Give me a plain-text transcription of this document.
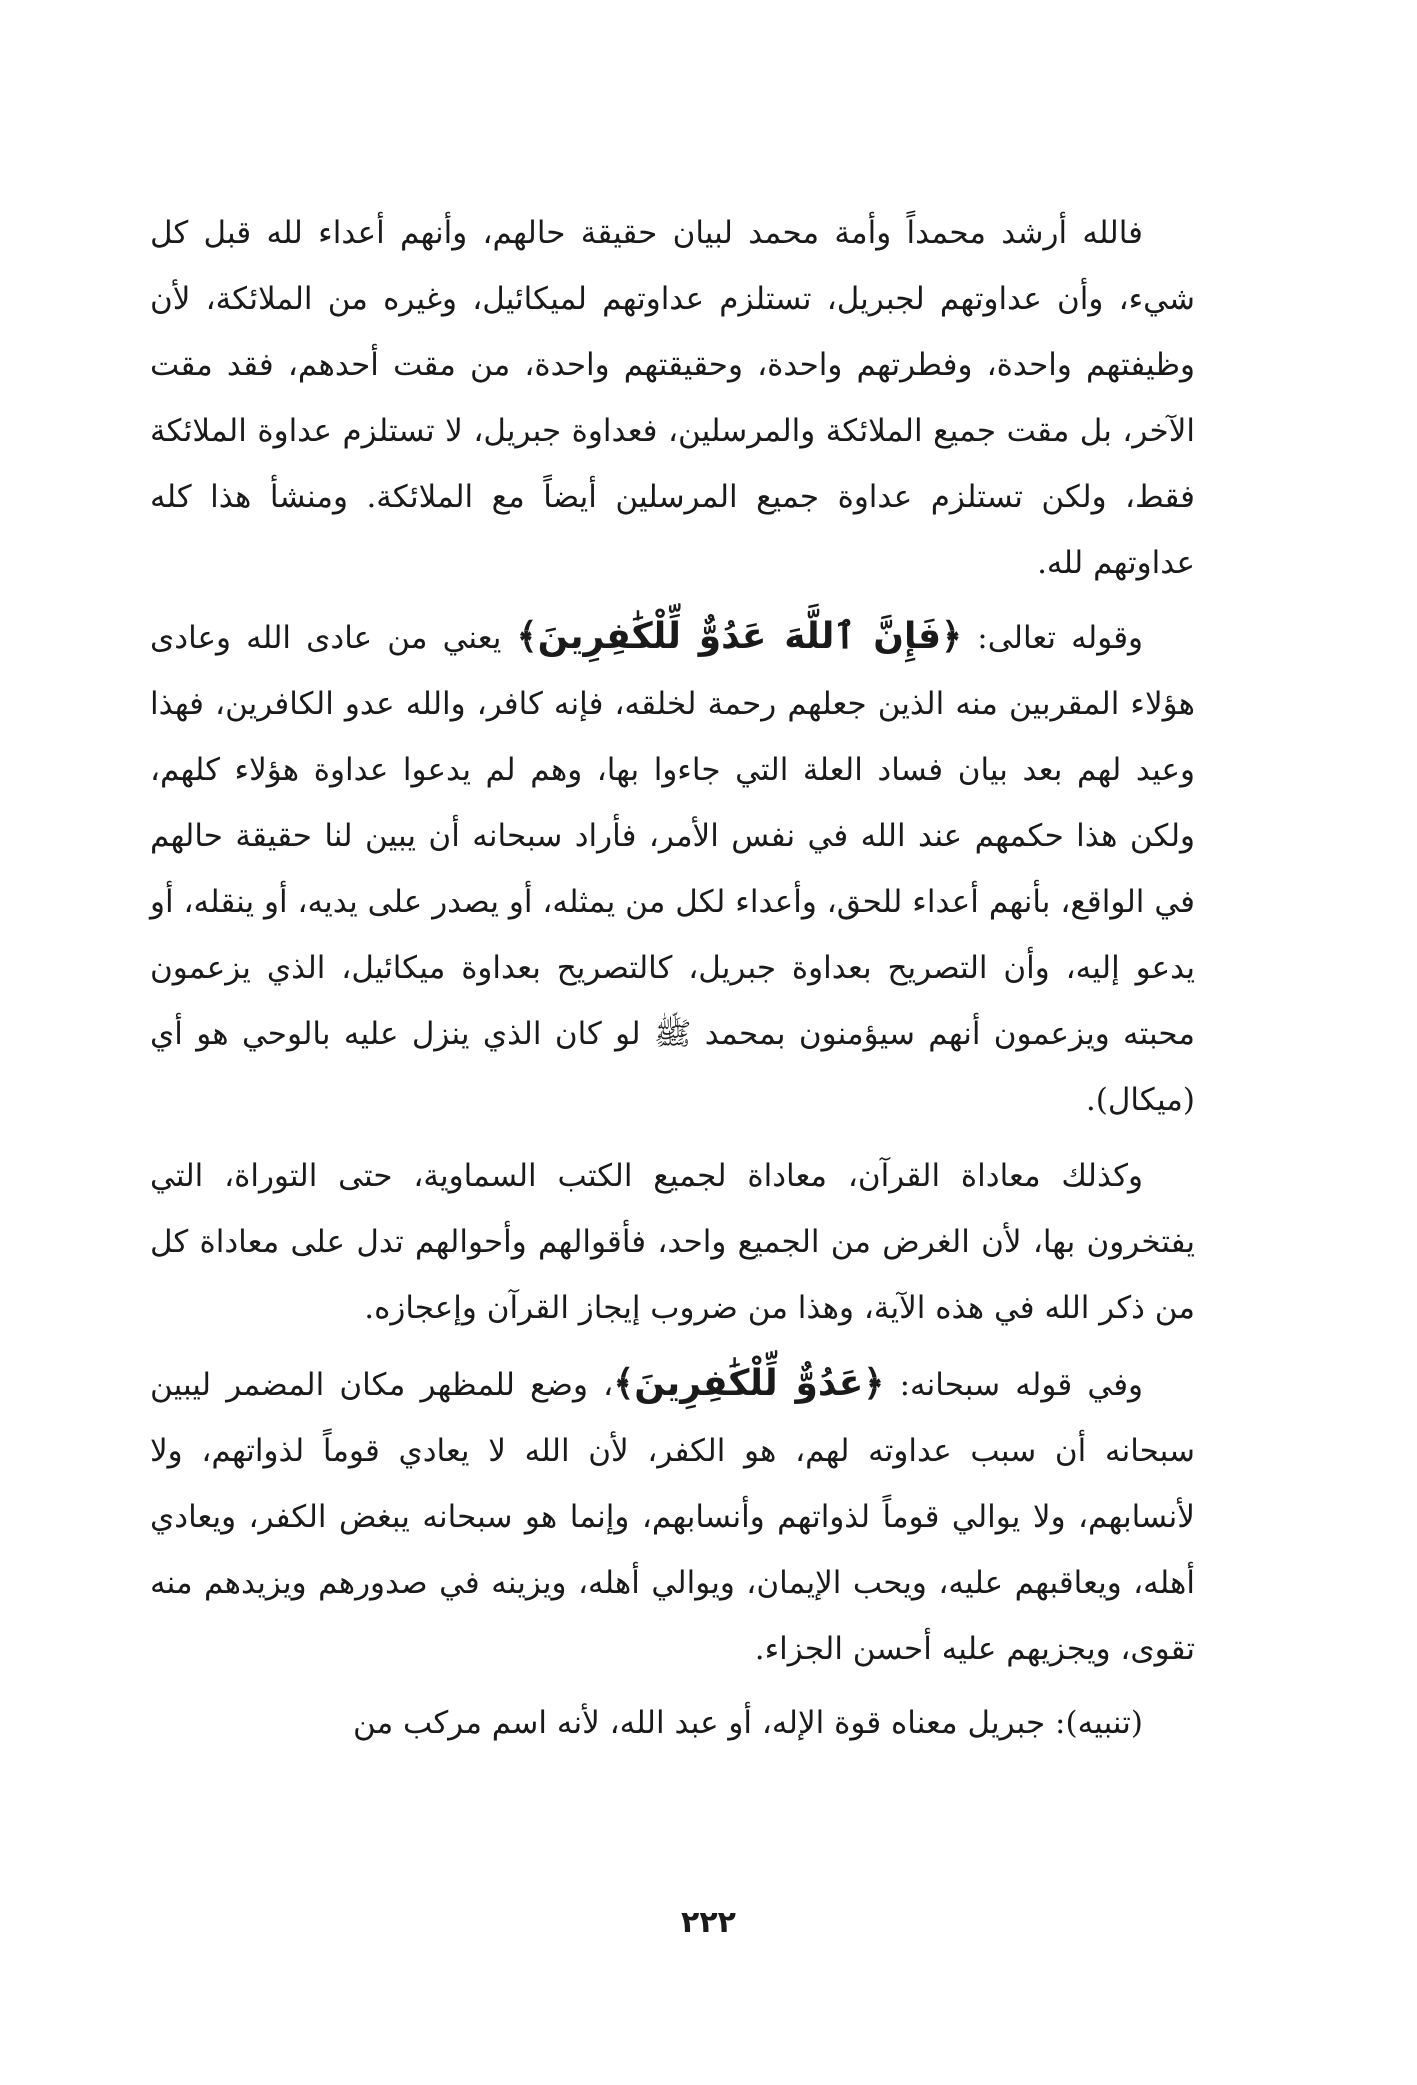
فالله أرشد محمداً وأمة محمد لبيان حقيقة حالهم، وأنهم أعداء لله قبل كل شيء، وأن عداوتهم لجبريل، تستلزم عداوتهم لميكائيل، وغيره من الملائكة، لأن وظيفتهم واحدة، وفطرتهم واحدة، وحقيقتهم واحدة، من مقت أحدهم، فقد مقت الآخر، بل مقت جميع الملائكة والمرسلين، فعداوة جبريل، لا تستلزم عداوة الملائكة فقط، ولكن تستلزم عداوة جميع المرسلين أيضاً مع الملائكة. ومنشأ هذا كله عداوتهم لله.

وقوله تعالى: ﴿فَإِنَّ ٱللَّهَ عَدُوٌّ لِّلْكَٰفِرِينَ﴾ يعني من عادى الله وعادى هؤلاء المقربين منه الذين جعلهم رحمة لخلقه، فإنه كافر، والله عدو الكافرين، فهذا وعيد لهم بعد بيان فساد العلة التي جاءوا بها، وهم لم يدعوا عداوة هؤلاء كلهم، ولكن هذا حكمهم عند الله في نفس الأمر، فأراد سبحانه أن يبين لنا حقيقة حالهم في الواقع، بأنهم أعداء للحق، وأعداء لكل من يمثله، أو يصدر على يديه، أو ينقله، أو يدعو إليه، وأن التصريح بعداوة جبريل، كالتصريح بعداوة ميكائيل، الذي يزعمون محبته ويزعمون أنهم سيؤمنون بمحمد ﷺ لو كان الذي ينزل عليه بالوحي هو أي (ميكال).

وكذلك معاداة القرآن، معاداة لجميع الكتب السماوية، حتى التوراة، التي يفتخرون بها، لأن الغرض من الجميع واحد، فأقوالهم وأحوالهم تدل على معاداة كل من ذكر الله في هذه الآية، وهذا من ضروب إيجاز القرآن وإعجازه.

وفي قوله سبحانه: ﴿عَدُوٌّ لِّلْكَٰفِرِينَ﴾، وضع للمظهر مكان المضمر ليبين سبحانه أن سبب عداوته لهم، هو الكفر، لأن الله لا يعادي قوماً لذواتهم، ولا لأنسابهم، ولا يوالي قوماً لذواتهم وأنسابهم، وإنما هو سبحانه يبغض الكفر، ويعادي أهله، ويعاقبهم عليه، ويحب الإيمان، ويوالي أهله، ويزينه في صدورهم ويزيدهم منه تقوى، ويجزيهم عليه أحسن الجزاء.

(تنبيه): جبريل معناه قوة الإله، أو عبد الله، لأنه اسم مركب من

٢٢٢
